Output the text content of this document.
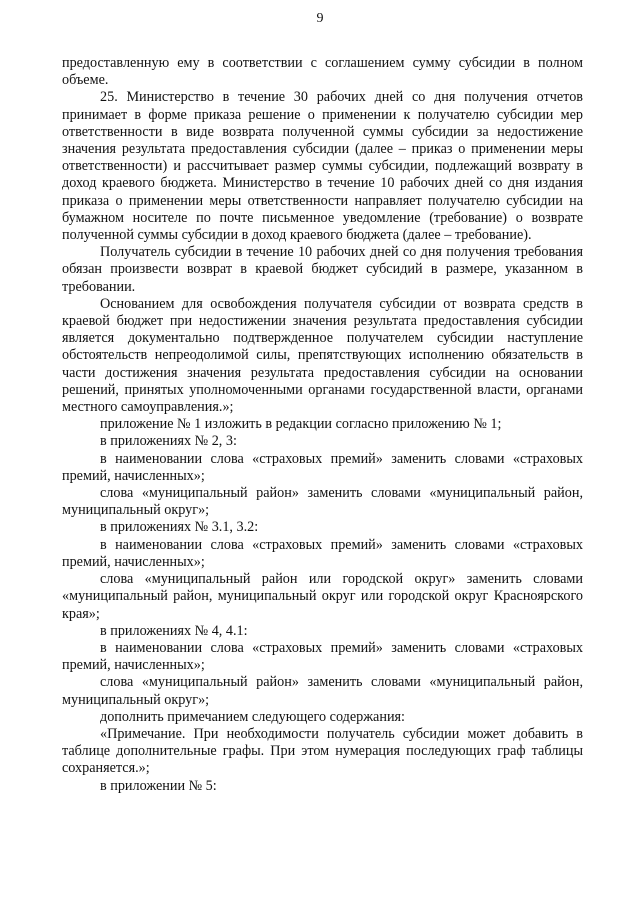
9

предоставленную ему в соответствии с соглашением сумму субсидии в полном объеме.

25. Министерство в течение 30 рабочих дней со дня получения отчетов принимает в форме приказа решение о применении к получателю субсидии мер ответственности в виде возврата полученной суммы субсидии за недостижение значения результата предоставления субсидии (далее – приказ о применении меры ответственности) и рассчитывает размер суммы субсидии, подлежащий возврату в доход краевого бюджета. Министерство в течение 10 рабочих дней со дня издания приказа о применении меры ответственности направляет получателю субсидии на бумажном носителе по почте письменное уведомление (требование) о возврате полученной суммы субсидии в доход краевого бюджета (далее – требование).

Получатель субсидии в течение 10 рабочих дней со дня получения требования обязан произвести возврат в краевой бюджет субсидий в размере, указанном в требовании.

Основанием для освобождения получателя субсидии от возврата средств в краевой бюджет при недостижении значения результата предоставления субсидии является документально подтвержденное получателем субсидии наступление обстоятельств непреодолимой силы, препятствующих исполнению обязательств в части достижения значения результата предоставления субсидии на основании решений, принятых уполномоченными органами государственной власти, органами местного самоуправления.»;

приложение № 1 изложить в редакции согласно приложению № 1;

в приложениях № 2, 3:

в наименовании слова «страховых премий» заменить словами «страховых премий, начисленных»;

слова «муниципальный район» заменить словами «муниципальный район, муниципальный округ»;

в приложениях № 3.1, 3.2:

в наименовании слова «страховых премий» заменить словами «страховых премий, начисленных»;

слова «муниципальный район или городской округ» заменить словами «муниципальный район, муниципальный округ или городской округ Красноярского края»;

в приложениях № 4, 4.1:

в наименовании слова «страховых премий» заменить словами «страховых премий, начисленных»;

слова «муниципальный район» заменить словами «муниципальный район, муниципальный округ»;

дополнить примечанием следующего содержания:

«Примечание. При необходимости получатель субсидии может добавить в таблице дополнительные графы. При этом нумерация последующих граф таблицы сохраняется.»;

в приложении № 5:
